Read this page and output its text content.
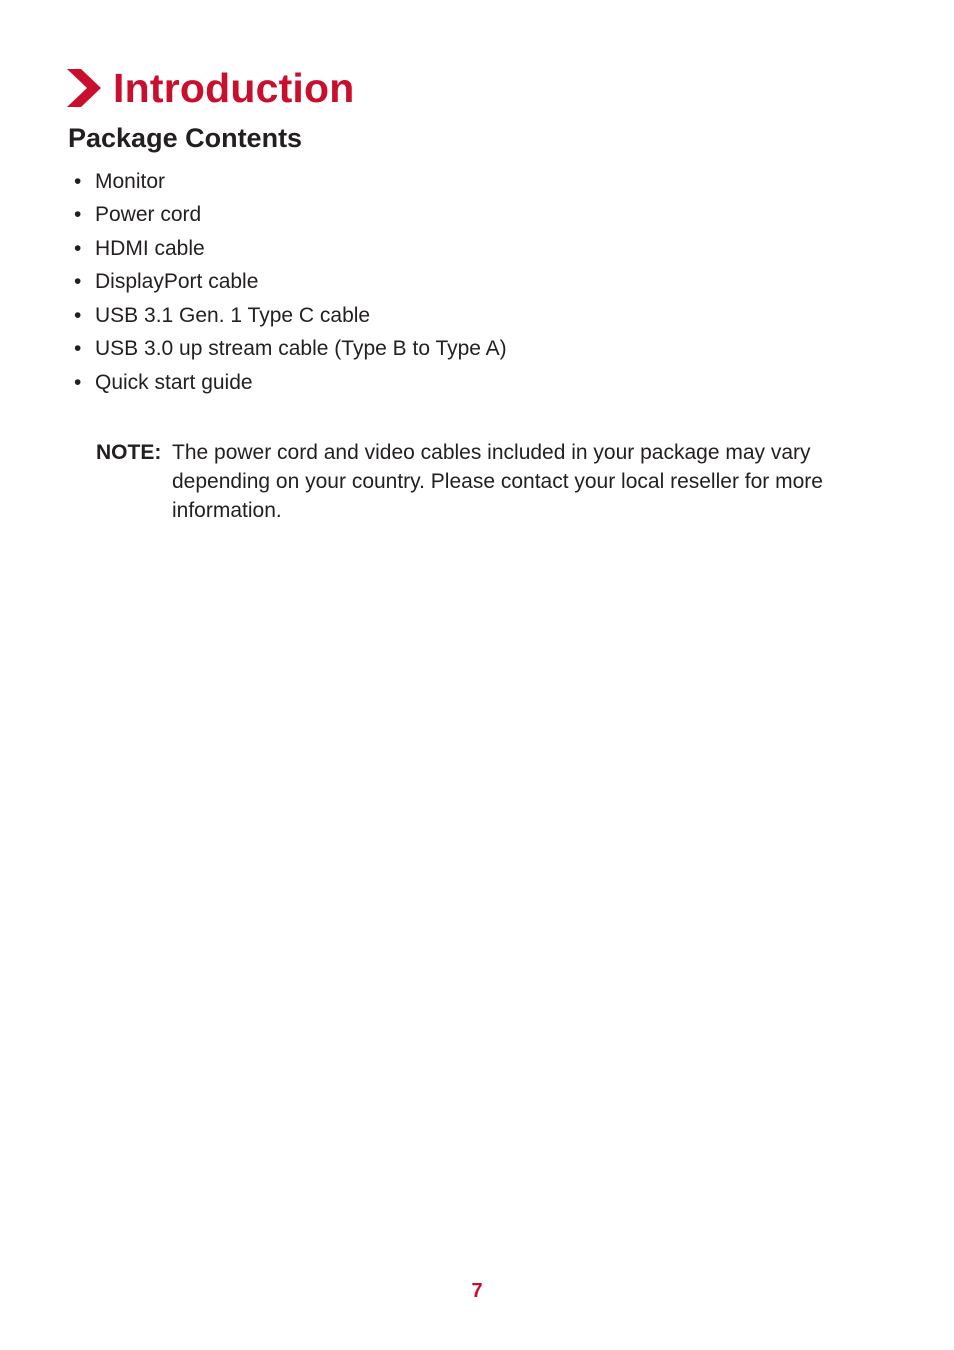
Introduction
Package Contents
• Monitor
• Power cord
• HDMI cable
• DisplayPort cable
• USB 3.1 Gen. 1 Type C cable
• USB 3.0 up stream cable (Type B to Type A)
• Quick start guide
NOTE: The power cord and video cables included in your package may vary depending on your country. Please contact your local reseller for more information.
7
